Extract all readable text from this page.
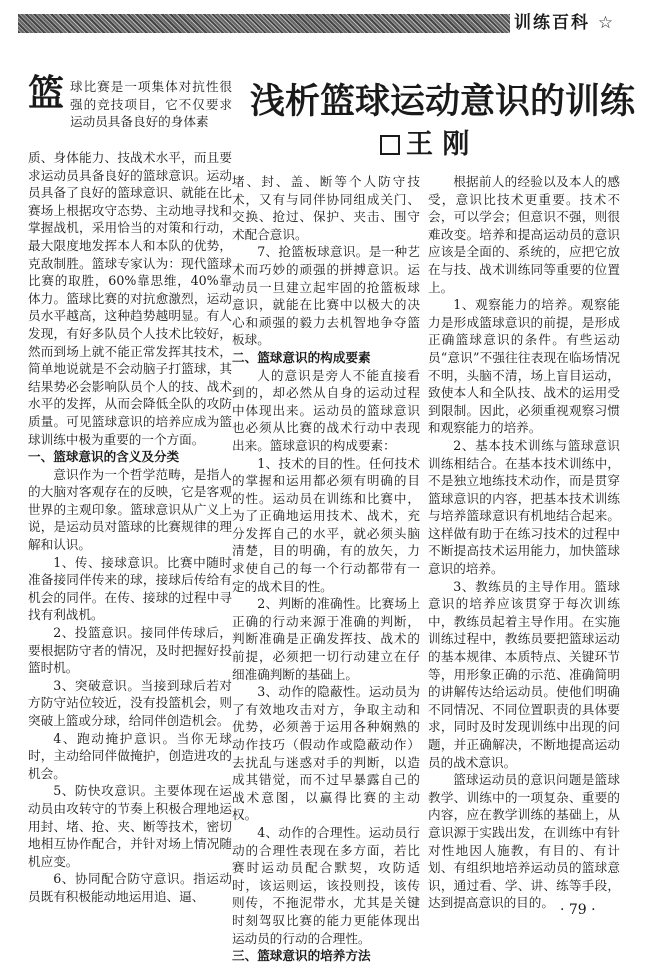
训练百科 ☆
浅析篮球运动意识的训练
王 刚
篮 球比赛是一项集体对抗性很强的竞技项目，它不仅要求运动员具备良好的身体素

质、身体能力、技战术水平，而且要求运动员具备良好的篮球意识。运动员具备了良好的篮球意识、就能在比赛场上根据攻守态势、主动地寻找和掌握战机，采用恰当的对策和行动，最大限度地发挥本人和本队的优势，克敌制胜。篮球专家认为：现代篮球比赛的取胜，60%靠思维，40%靠体力。篮球比赛的对抗愈激烈，运动员水平越高，这种趋势越明显。有人发现，有好多队员个人技术比较好，然而到场上就不能正常发挥其技术，简单地说就是不会动脑子打篮球，其结果势必会影响队员个人的技、战术水平的发挥，从而会降低全队的攻防质量。可见篮球意识的培养应成为篮球训练中极为重要的一个方面。

一、篮球意识的含义及分类

意识作为一个哲学范畴，是指人的大脑对客观存在的反映，它是客观世界的主观印象。篮球意识从广义上说，是运动员对篮球的比赛规律的理解和认识。

1、传、接球意识。比赛中随时准备接同伴传来的球，接球后传给有机会的同伴。在传、接球的过程中寻找有利战机。

2、投篮意识。接同伴传球后，要根据防守者的情况，及时把握好投篮时机。

3、突破意识。当接到球后若对方防守站位较近，没有投篮机会，则突破上篮或分球，给同伴创造机会。

4、跑动掩护意识。当你无球时，主动给同伴做掩护，创造进攻的机会。

5、防快攻意识。主要体现在运动员由攻转守的节奏上积极合理地运用封、堵、抢、夹、断等技术，密切地相互协作配合，并针对场上情况随机应变。

6、协同配合防守意识。指运动员既有积极能动地运用追、逼、

堵、封、盖、断等个人防守技术，又有与同伴协同组成关门、交换、抢过、保护、夹击、围守术配合意识。

7、抢篮板球意识。是一种艺术而巧妙的顽强的拼搏意识。运动员一旦建立起牢固的抢篮板球意识，就能在比赛中以极大的决心和顽强的毅力去机智地争夺篮板球。

二、篮球意识的构成要素

人的意识是旁人不能直接看到的，却必然从自身的运动过程中体现出来。运动员的篮球意识也必须从比赛的战术行动中表现出来。篮球意识的构成要素：

1、技术的目的性。任何技术的掌握和运用都必须有明确的目的性。运动员在训练和比赛中，为了正确地运用技术、战术，充分发挥自己的水平，就必须头脑清楚，目的明确，有的放矢，力求使自己的每一个行动都带有一定的战术目的性。

2、判断的准确性。比赛场上正确的行动来源于准确的判断，判断准确是正确发挥技、战术的前提，必须把一切行动建立在仔细准确判断的基础上。

3、动作的隐蔽性。运动员为了有效地攻击对方，争取主动和优势，必须善于运用各种娴熟的动作技巧（假动作或隐蔽动作）去扰乱与迷惑对手的判断，以造成其错觉，而不过早暴露自己的战术意图，以赢得比赛的主动权。

4、动作的合理性。运动员行动的合理性表现在多方面，若比赛时运动员配合默契，攻防适时，该运则运，该投则投，该传则传，不拖泥带水，尤其是关键时刻驾驭比赛的能力更能体现出运动员的行动的合理性。

三、篮球意识的培养方法

根据前人的经验以及本人的感受，意识比技术更重要。技术不会，可以学会；但意识不强，则很难改变。培养和提高运动员的意识应该是全面的、系统的，应把它放在与技、战术训练同等重要的位置上。

1、观察能力的培养。观察能力是形成篮球意识的前提，是形成正确篮球意识的条件。有些运动员“意识”不强往往表现在临场情况不明，头脑不清，场上盲目运动，致使本人和全队技、战术的运用受到限制。因此，必须重视观察习惯和观察能力的培养。

2、基本技术训练与篮球意识训练相结合。在基本技术训练中，不是独立地练技术动作，而是贯穿篮球意识的内容，把基本技术训练与培养篮球意识有机地结合起来。这样做有助于在练习技术的过程中不断提高技术运用能力，加快篮球意识的培养。

3、教练员的主导作用。篮球意识的培养应该贯穿于每次训练中，教练员起着主导作用。在实施训练过程中，教练员要把篮球运动的基本规律、本质特点、关键环节等，用形象正确的示范、准确简明的讲解传达给运动员。使他们明确不同情况、不同位置职责的具体要求，同时及时发现训练中出现的问题，并正确解决，不断地提高运动员的战术意识。

篮球运动员的意识问题是篮球教学、训练中的一项复杂、重要的内容，应在教学训练的基础上，从意识源于实践出发，在训练中有针对性地因人施教，有目的、有计划、有组织地培养运动员的篮球意识，通过看、学、讲、练等手段，达到提高意识的目的。 · 79 ·
